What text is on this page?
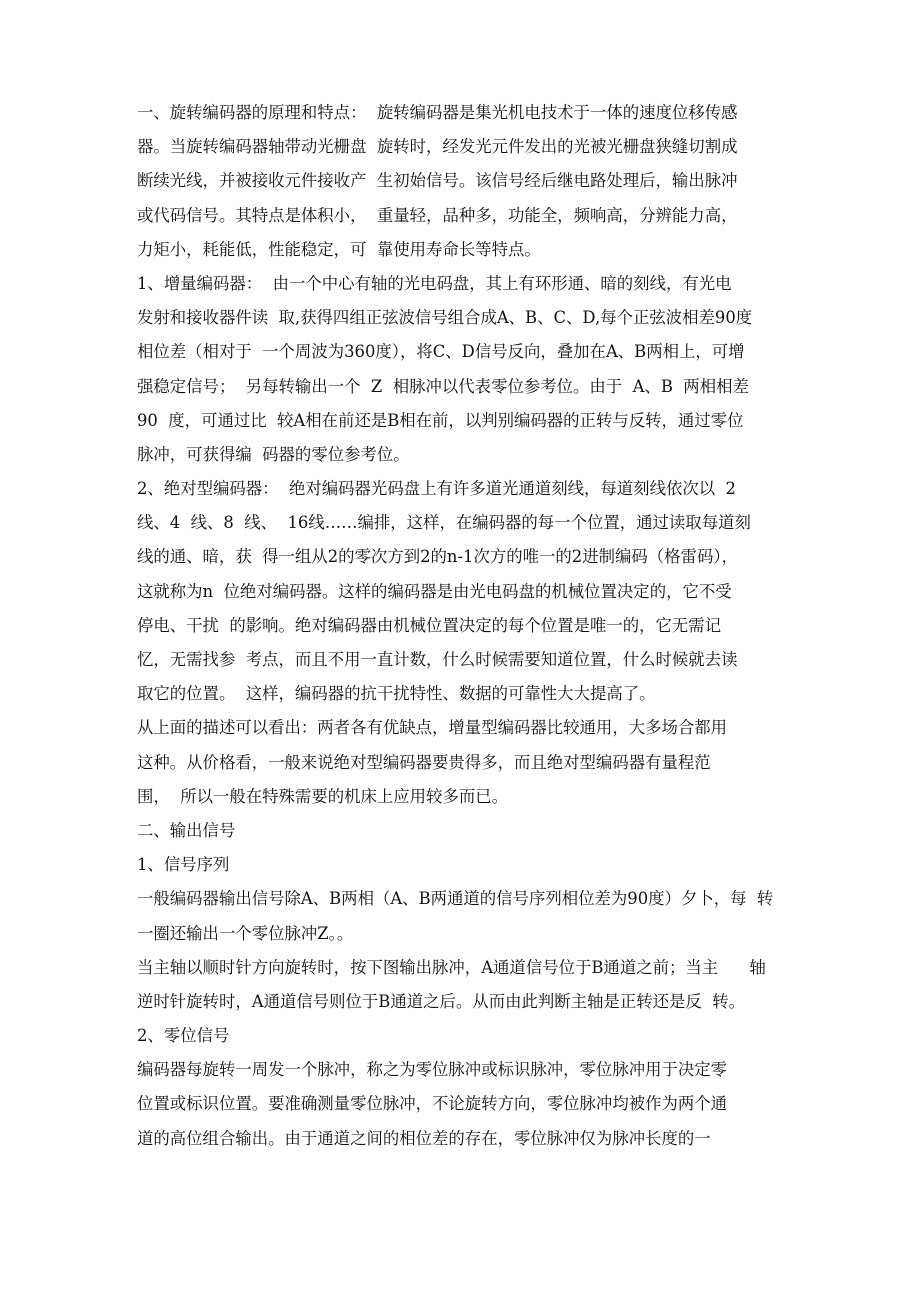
一、旋转编码器的原理和特点：  旋转编码器是集光机电技术于一体的速度位移传感
器。当旋转编码器轴带动光栅盘  旋转时，经发光元件发出的光被光栅盘狭缝切割成
断续光线，并被接收元件接收产  生初始信号。该信号经后继电路处理后，输出脉冲
或代码信号。其特点是体积小，  重量轻，品种多，功能全，频响高，分辨能力高，
力矩小，耗能低，性能稳定，可  靠使用寿命长等特点。
1、增量编码器：  由一个中心有轴的光电码盘，其上有环形通、暗的刻线，有光电
发射和接收器件读  取,获得四组正弦波信号组合成A、B、C、D,每个正弦波相差90度
相位差（相对于  一个周波为360度），将C、D信号反向，叠加在A、B两相上，可增
强稳定信号；  另每转输出一个  Z  相脉冲以代表零位参考位。由于  A、B  两相相差
90  度，可通过比  较A相在前还是B相在前，以判别编码器的正转与反转，通过零位
脉冲，可获得编  码器的零位参考位。
2、绝对型编码器：  绝对编码器光码盘上有许多道光通道刻线，每道刻线依次以  2
线、4  线、8  线、  16线……编排，这样，在编码器的每一个位置，通过读取每道刻
线的通、暗，获  得一组从2的零次方到2的n-1次方的唯一的2进制编码（格雷码），
这就称为n  位绝对编码器。这样的编码器是由光电码盘的机械位置决定的，它不受
停电、干扰  的影响。绝对编码器由机械位置决定的每个位置是唯一的，它无需记
忆，无需找参  考点，而且不用一直计数，什么时候需要知道位置，什么时候就去读
取它的位置。  这样，编码器的抗干扰特性、数据的可靠性大大提高了。
从上面的描述可以看出：两者各有优缺点，增量型编码器比较通用，大多场合都用
这种。从价格看，一般来说绝对型编码器要贵得多，而且绝对型编码器有量程范
围，  所以一般在特殊需要的机床上应用较多而已。
二、输出信号
1、信号序列
一般编码器输出信号除A、B两相（A、B两通道的信号序列相位差为90度）夕卜，每  转
一圈还输出一个零位脉冲Z。。
当主轴以顺时针方向旋转时，按下图输出脉冲，A通道信号位于B通道之前；当主      轴
逆时针旋转时，A通道信号则位于B通道之后。从而由此判断主轴是正转还是反  转。
2、零位信号
编码器每旋转一周发一个脉冲，称之为零位脉冲或标识脉冲，零位脉冲用于决定零
位置或标识位置。要准确测量零位脉冲，不论旋转方向，零位脉冲均被作为两个通
道的高位组合输出。由于通道之间的相位差的存在，零位脉冲仅为脉冲长度的一
